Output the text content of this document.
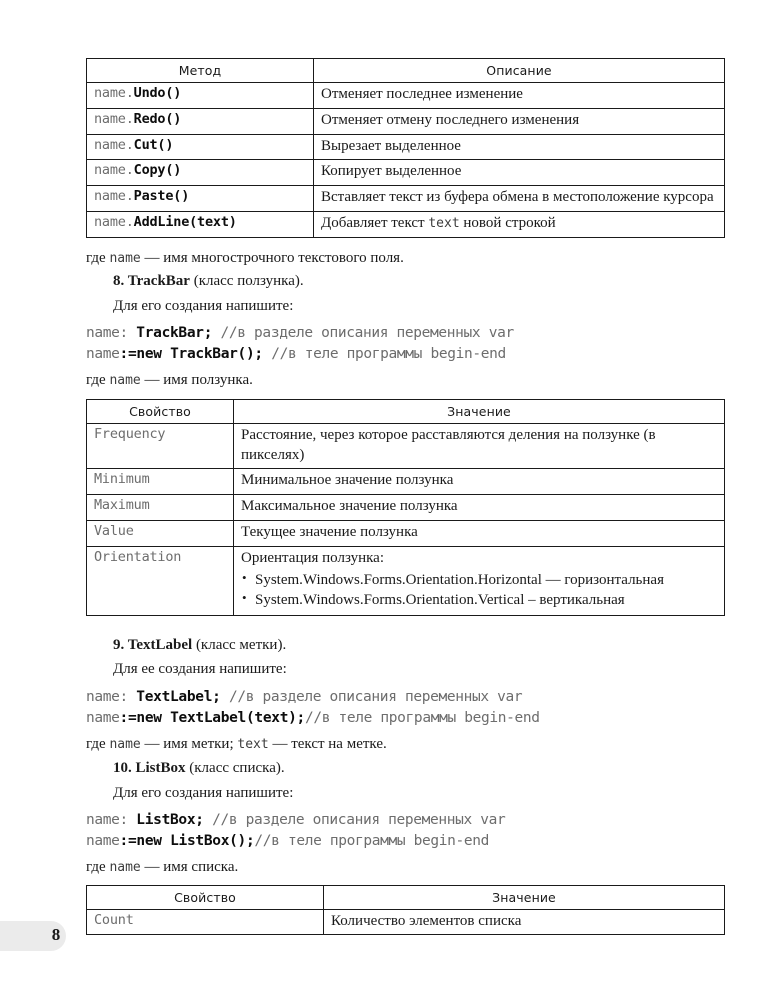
Метод	Описание
name.Undo()	Отменяет последнее изменение
name.Redo()	Отменяет отмену последнего изменения
name.Cut()	Вырезает выделенное
name.Copy()	Копирует выделенное
name.Paste()	Вставляет текст из буфера обмена в местоположение курсора
name.AddLine(text)	Добавляет текст text новой строкой

где name — имя многострочного текстового поля.

8. TrackBar (класс ползунка).

Для его создания напишите:

name: TrackBar; //в разделе описания переменных var
name:=new TrackBar(); //в теле программы begin-end

где name — имя ползунка.

Свойство	Значение
Frequency	Расстояние, через которое расставляются деления на ползунке (в пикселях)
Minimum	Минимальное значение ползунка
Maximum	Максимальное значение ползунка
Value	Текущее значение ползунка
Orientation	Ориентация ползунка:
• System.Windows.Forms.Orientation.Horizontal — горизонтальная
• System.Windows.Forms.Orientation.Vertical – вертикальная

9. TextLabel (класс метки).

Для ее создания напишите:

name: TextLabel; //в разделе описания переменных var
name:=new TextLabel(text);//в теле программы begin-end

где name — имя метки; text — текст на метке.

10. ListBox (класс списка).

Для его создания напишите:

name: ListBox; //в разделе описания переменных var
name:=new ListBox();//в теле программы begin-end

где name — имя списка.

Свойство	Значение
Count	Количество элементов списка
8
